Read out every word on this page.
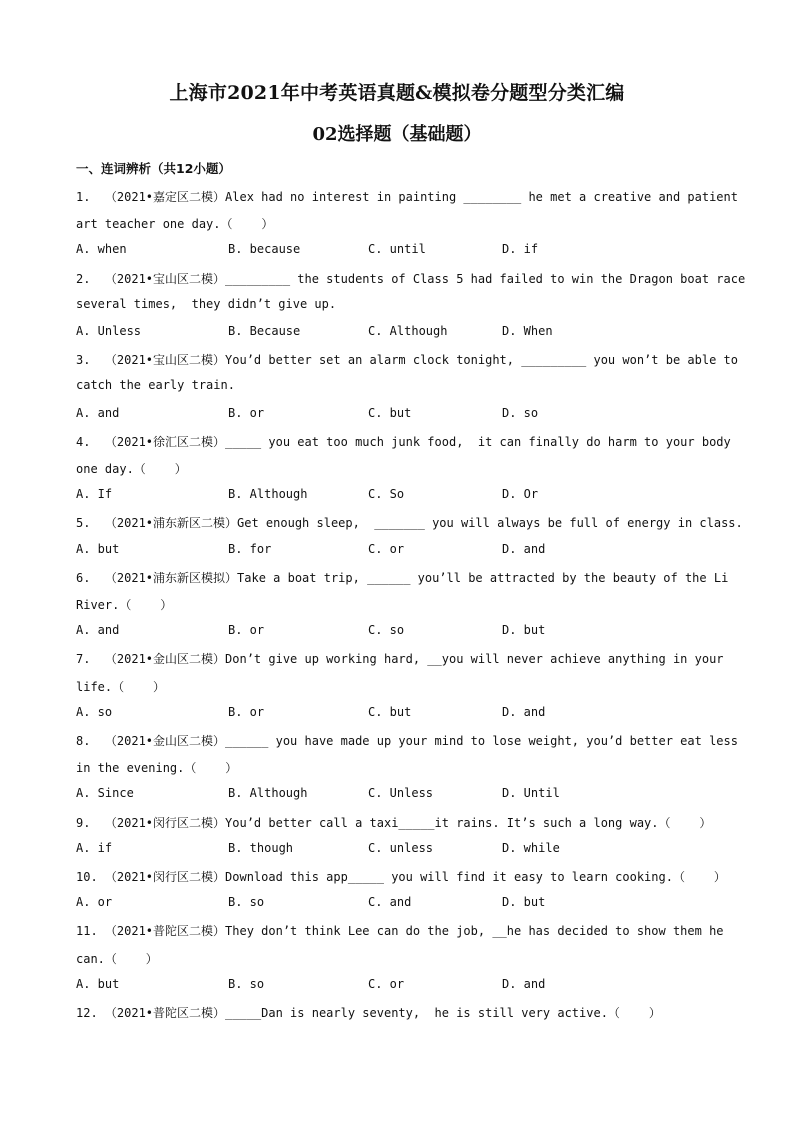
上海市2021年中考英语真题&模拟卷分题型分类汇编
02选择题（基础题）
一、连词辨析（共12小题）
1.  （2021•嘉定区二模）Alex had no interest in painting ________ he met a creative and patient
art teacher one day.（    ）
A. when	B. because	C. until	D. if
2.  （2021•宝山区二模）_________ the students of Class 5 had failed to win the Dragon boat race
several times,  they didn’t give up.
A. Unless	B. Because	C. Although	D. When
3.  （2021•宝山区二模）You’d better set an alarm clock tonight, _________ you won’t be able to
catch the early train.
A. and	B. or	C. but	D. so
4.  （2021•徐汇区二模）_____ you eat too much junk food,  it can finally do harm to your body
one day.（    ）
A. If	B. Although	C. So	D. Or
5.  （2021•浦东新区二模）Get enough sleep,  _______ you will always be full of energy in class.
A. but	B. for	C. or	D. and
6.  （2021•浦东新区模拟）Take a boat trip, ______ you’ll be attracted by the beauty of the Li
River.（    ）
A. and	B. or	C. so	D. but
7.  （2021•金山区二模）Don’t give up working hard, __you will never achieve anything in your
life.（    ）
A. so	B. or	C. but	D. and
8.  （2021•金山区二模）______ you have made up your mind to lose weight, you’d better eat less
in the evening.（    ）
A. Since	B. Although	C. Unless	D. Until
9.  （2021•闵行区二模）You’d better call a taxi_____it rains. It’s such a long way.（    ）
A. if	B. though	C. unless	D. while
10. （2021•闵行区二模）Download this app_____ you will find it easy to learn cooking.（    ）
A. or	B. so	C. and	D. but
11. （2021•普陀区二模）They don’t think Lee can do the job, __he has decided to show them he
can.（    ）
A. but	B. so	C. or	D. and
12. （2021•普陀区二模）_____Dan is nearly seventy,  he is still very active.（    ）
